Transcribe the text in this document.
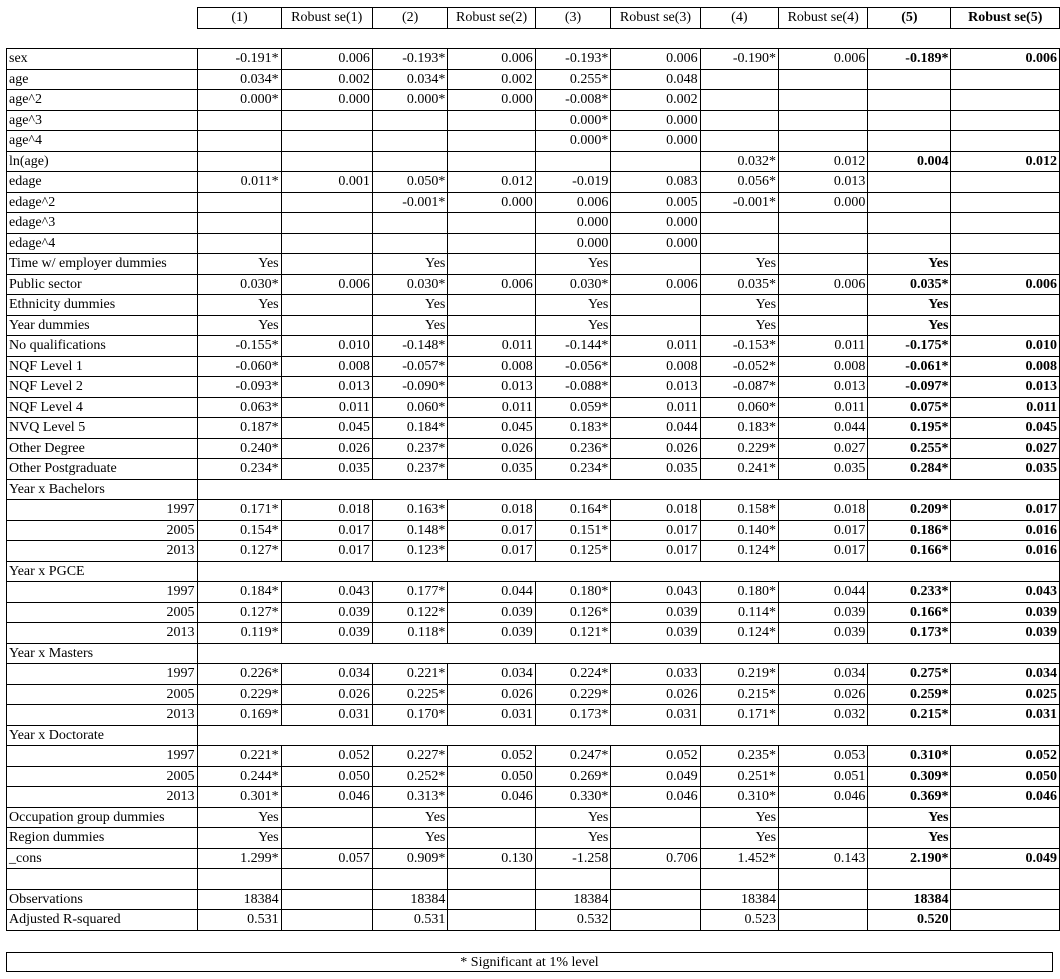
	(1)	Robust se(1)	(2)	Robust se(2)	(3)	Robust se(3)	(4)	Robust se(4)	(5)	Robust se(5)

sex	-0.191*	0.006	-0.193*	0.006	-0.193*	0.006	-0.190*	0.006	-0.189*	0.006
age	0.034*	0.002	0.034*	0.002	0.255*	0.048				
age^2	0.000*	0.000	0.000*	0.000	-0.008*	0.002				
age^3					0.000*	0.000				
age^4					0.000*	0.000				
ln(age)							0.032*	0.012	0.004	0.012
edage	0.011*	0.001	0.050*	0.012	-0.019	0.083	0.056*	0.013		
edage^2			-0.001*	0.000	0.006	0.005	-0.001*	0.000		
edage^3					0.000	0.000				
edage^4					0.000	0.000				
Time w/ employer dummies	Yes		Yes		Yes		Yes		Yes	
Public sector	0.030*	0.006	0.030*	0.006	0.030*	0.006	0.035*	0.006	0.035*	0.006
Ethnicity dummies	Yes		Yes		Yes		Yes		Yes	
Year dummies	Yes		Yes		Yes		Yes		Yes	
No qualifications	-0.155*	0.010	-0.148*	0.011	-0.144*	0.011	-0.153*	0.011	-0.175*	0.010
NQF Level 1	-0.060*	0.008	-0.057*	0.008	-0.056*	0.008	-0.052*	0.008	-0.061*	0.008
NQF Level 2	-0.093*	0.013	-0.090*	0.013	-0.088*	0.013	-0.087*	0.013	-0.097*	0.013
NQF Level 4	0.063*	0.011	0.060*	0.011	0.059*	0.011	0.060*	0.011	0.075*	0.011
NVQ Level 5	0.187*	0.045	0.184*	0.045	0.183*	0.044	0.183*	0.044	0.195*	0.045
Other Degree	0.240*	0.026	0.237*	0.026	0.236*	0.026	0.229*	0.027	0.255*	0.027
Other Postgraduate	0.234*	0.035	0.237*	0.035	0.234*	0.035	0.241*	0.035	0.284*	0.035
Year x Bachelors										
1997	0.171*	0.018	0.163*	0.018	0.164*	0.018	0.158*	0.018	0.209*	0.017
2005	0.154*	0.017	0.148*	0.017	0.151*	0.017	0.140*	0.017	0.186*	0.016
2013	0.127*	0.017	0.123*	0.017	0.125*	0.017	0.124*	0.017	0.166*	0.016
Year x PGCE										
1997	0.184*	0.043	0.177*	0.044	0.180*	0.043	0.180*	0.044	0.233*	0.043
2005	0.127*	0.039	0.122*	0.039	0.126*	0.039	0.114*	0.039	0.166*	0.039
2013	0.119*	0.039	0.118*	0.039	0.121*	0.039	0.124*	0.039	0.173*	0.039
Year x Masters										
1997	0.226*	0.034	0.221*	0.034	0.224*	0.033	0.219*	0.034	0.275*	0.034
2005	0.229*	0.026	0.225*	0.026	0.229*	0.026	0.215*	0.026	0.259*	0.025
2013	0.169*	0.031	0.170*	0.031	0.173*	0.031	0.171*	0.032	0.215*	0.031
Year x Doctorate										
1997	0.221*	0.052	0.227*	0.052	0.247*	0.052	0.235*	0.053	0.310*	0.052
2005	0.244*	0.050	0.252*	0.050	0.269*	0.049	0.251*	0.051	0.309*	0.050
2013	0.301*	0.046	0.313*	0.046	0.330*	0.046	0.310*	0.046	0.369*	0.046
Occupation group dummies	Yes		Yes		Yes		Yes		Yes	
Region dummies	Yes		Yes		Yes		Yes		Yes	
_cons	1.299*	0.057	0.909*	0.130	-1.258	0.706	1.452*	0.143	2.190*	0.049

Observations	18384		18384		18384		18384		18384	
Adjusted R-squared	0.531		0.531		0.532		0.523		0.520	
* Significant at 1% level
